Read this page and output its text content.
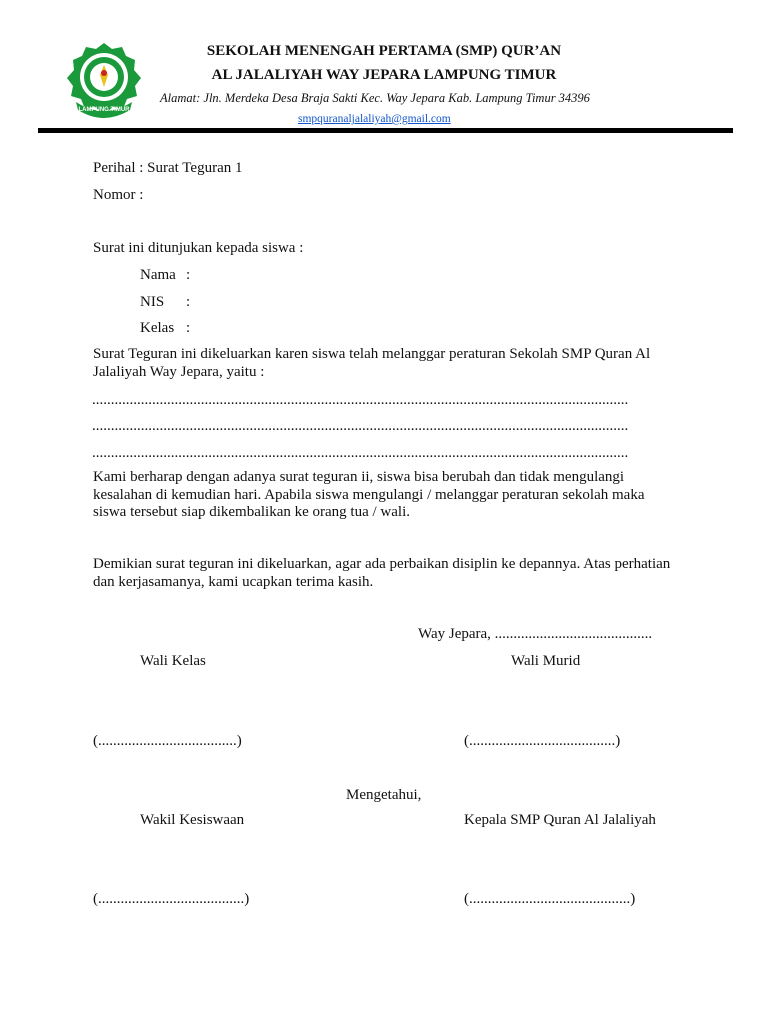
LAMPUNG TIMUR
SEKOLAH MENENGAH PERTAMA (SMP) QUR’AN
AL JALALIYAH WAY JEPARA LAMPUNG TIMUR
Alamat: Jln. Merdeka Desa Braja Sakti Kec. Way Jepara Kab. Lampung Timur 34396
smpquranaljalaliyah@gmail.com
Perihal : Surat Teguran 1
Nomor :
Surat ini ditunjukan kepada siswa :
Nama :
NIS :
Kelas :
Surat Teguran ini dikeluarkan karen siswa telah melanggar peraturan Sekolah SMP Quran Al Jalaliyah Way Jepara, yaitu :
...............................................................................................................................................
...............................................................................................................................................
...............................................................................................................................................
Kami berharap dengan adanya surat teguran ii, siswa bisa berubah dan tidak mengulangi kesalahan di kemudian hari. Apabila siswa mengulangi / melanggar peraturan sekolah maka siswa tersebut siap dikembalikan ke orang tua / wali.
Demikian surat teguran ini dikeluarkan, agar ada perbaikan disiplin ke depannya. Atas perhatian dan kerjasamanya, kami ucapkan terima kasih.
Way Jepara, ..........................................
Wali Kelas	Wali Murid
(.....................................)	(.......................................)
Mengetahui,
Wakil Kesiswaan	Kepala SMP Quran Al Jalaliyah
(.......................................)	(...........................................)
